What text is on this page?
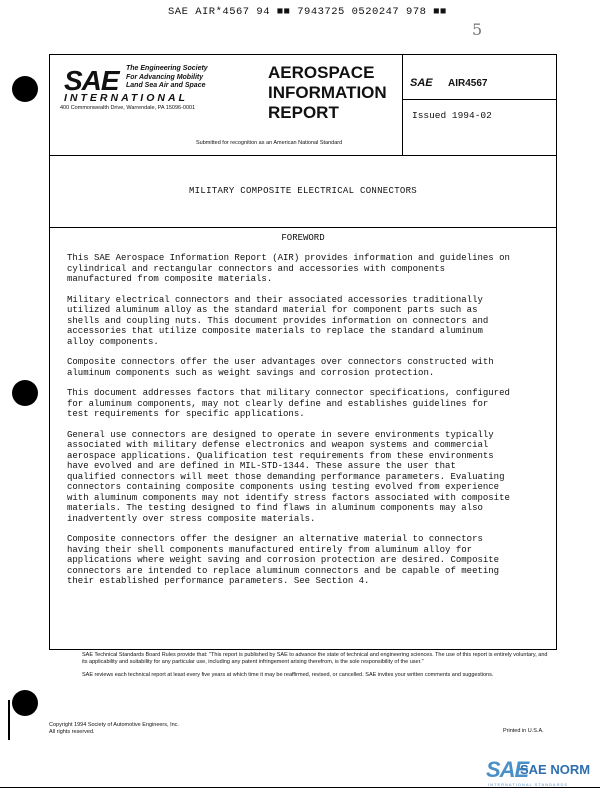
SAE AIR*4567 94 ■■ 7943725 0520247 978 ■■
5
SAE The Engineering Society
For Advancing Mobility
Land Sea Air and Space
INTERNATIONAL
400 Commonwealth Drive, Warrendale, PA 15096-0001
AEROSPACE
INFORMATION
REPORT
SAE AIR4567
Issued 1994-02
Submitted for recognition as an American National Standard
MILITARY COMPOSITE ELECTRICAL CONNECTORS
FOREWORD

This SAE Aerospace Information Report (AIR) provides information and guidelines on
cylindrical and rectangular connectors and accessories with components
manufactured from composite materials.

Military electrical connectors and their associated accessories traditionally
utilized aluminum alloy as the standard material for component parts such as
shells and coupling nuts. This document provides information on connectors and
accessories that utilize composite materials to replace the standard aluminum
alloy components.

Composite connectors offer the user advantages over connectors constructed with
aluminum components such as weight savings and corrosion protection.

This document addresses factors that military connector specifications, configured
for aluminum components, may not clearly define and establishes guidelines for
test requirements for specific applications.

General use connectors are designed to operate in severe environments typically
associated with military defense electronics and weapon systems and commercial
aerospace applications. Qualification test requirements from these environments
have evolved and are defined in MIL-STD-1344. These assure the user that
qualified connectors will meet those demanding performance parameters. Evaluating
connectors containing composite components using testing evolved from experience
with aluminum components may not identify stress factors associated with composite
materials. The testing designed to find flaws in aluminum components may also
inadvertently over stress composite materials.

Composite connectors offer the designer an alternative material to connectors
having their shell components manufactured entirely from aluminum alloy for
applications where weight saving and corrosion protection are desired. Composite
connectors are intended to replace aluminum connectors and be capable of meeting
their established performance parameters. See Section 4.

SAE Technical Standards Board Rules provide that: "This report is published by SAE to advance the state of technical and engineering sciences. The use of this report is entirely voluntary, and its applicability and suitability for any particular use, including any patent infringement arising therefrom, is the sole responsibility of the user."

SAE reviews each technical report at least every five years at which time it may be reaffirmed, revised, or cancelled. SAE invites your written comments and suggestions.

Copyright 1994 Society of Automotive Engineers, Inc.
All rights reserved.	Printed in U.S.A.
SAE
SAE NORM
INTERNATIONAL STANDARDS
